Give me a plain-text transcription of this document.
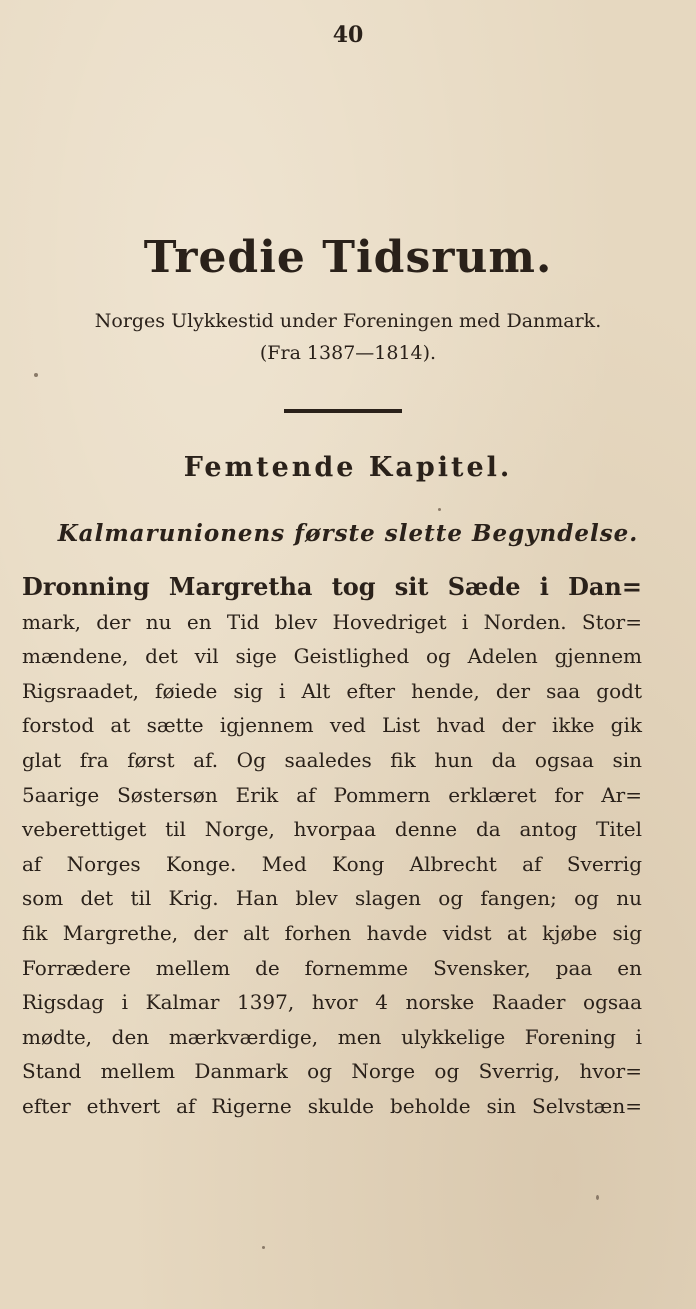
40
Tredie Tidsrum.
Norges Ulykkestid under Foreningen med Danmark.
(Fra 1387—1814).
Femtende Kapitel.
Kalmarunionens første slette Begyndelse.
Dronning Margretha tog sit Sæde i Dan=
mark, der nu en Tid blev Hovedriget i Norden. Stor=
mændene, det vil sige Geistlighed og Adelen gjennem
Rigsraadet, føiede sig i Alt efter hende, der saa godt
forstod at sætte igjennem ved List hvad der ikke gik
glat fra først af. Og saaledes fik hun da ogsaa sin
5aarige Søstersøn Erik af Pommern erklæret for Ar=
veberettiget til Norge, hvorpaa denne da antog Titel
af Norges Konge. Med Kong Albrecht af Sverrig
som det til Krig. Han blev slagen og fangen; og nu
fik Margrethe, der alt forhen havde vidst at kjøbe sig
Forrædere mellem de fornemme Svensker, paa en
Rigsdag i Kalmar 1397, hvor 4 norske Raader ogsaa
mødte, den mærkværdige, men ulykkelige Forening i
Stand mellem Danmark og Norge og Sverrig, hvor=
efter ethvert af Rigerne skulde beholde sin Selvstæn=
